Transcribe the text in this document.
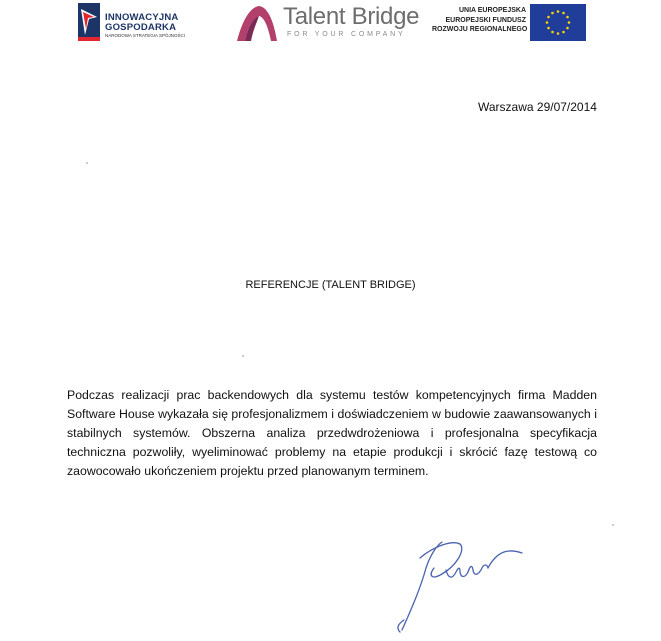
INNOWACYJNA
GOSPODARKA
NARODOWA STRATEGIA SPÓJNOŚCI
Talent Bridge
FOR YOUR COMPANY
UNIA EUROPEJSKA
EUROPEJSKI FUNDUSZ
ROZWOJU REGIONALNEGO
Warszawa 29/07/2014
REFERENCJE (TALENT BRIDGE)
Podczas realizacji prac backendowych dla systemu testów kompetencyjnych firma Madden Software House wykazała się profesjonalizmem i doświadczeniem w budowie zaawansowanych i stabilnych systemów. Obszerna analiza przedwdrożeniowa i profesjonalna specyfikacja techniczna pozwoliły, wyeliminować problemy na etapie produkcji i skrócić fazę testową co zaowocowało ukończeniem projektu przed planowanym terminem.
